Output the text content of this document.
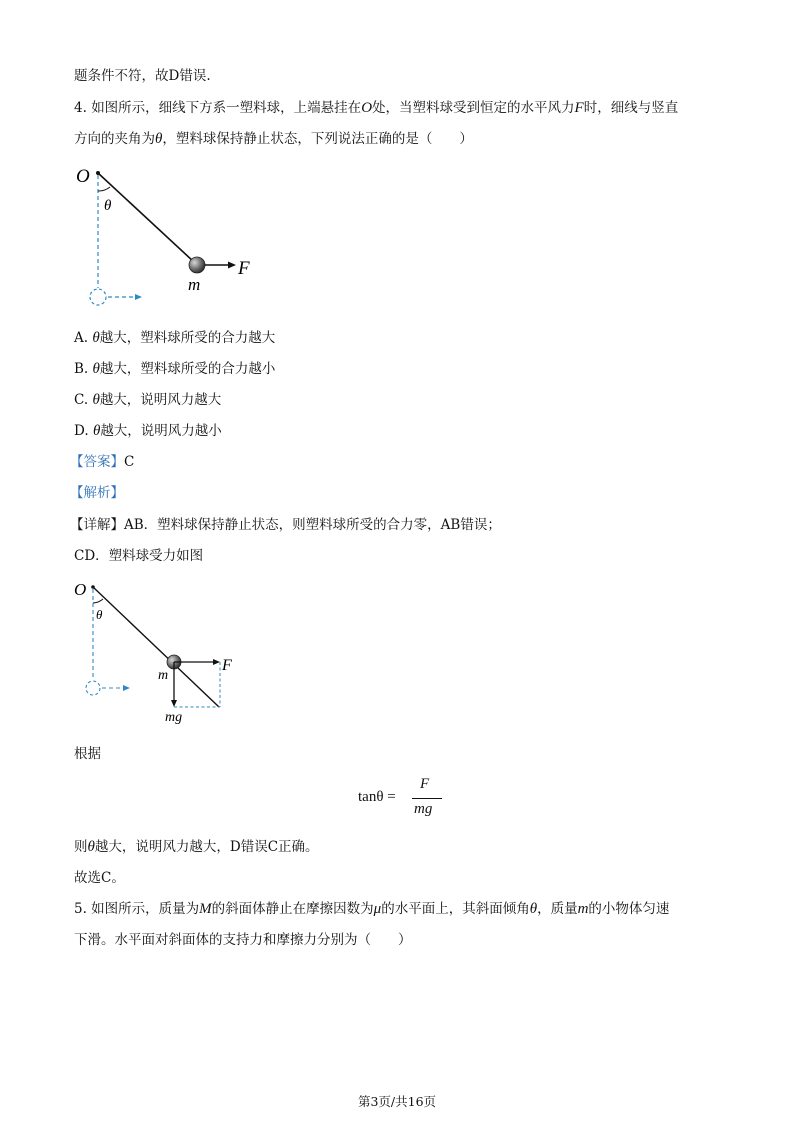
题条件不符，故D错误.
4. 如图所示，细线下方系一塑料球，上端悬挂在O处，当塑料球受到恒定的水平风力F时，细线与竖直
方向的夹角为θ，塑料球保持静止状态，下列说法正确的是（　　）
O
θ
F
m
A. θ越大，塑料球所受的合力越大
B. θ越大，塑料球所受的合力越小
C. θ越大，说明风力越大
D. θ越大，说明风力越小
【答案】C
【解析】
【详解】AB．塑料球保持静止状态，则塑料球所受的合力零，AB错误；
CD．塑料球受力如图
O
θ
F
m
mg
根据
tanθ =
F
mg
则θ越大，说明风力越大，D错误C正确。
故选C。
5. 如图所示，质量为M的斜面体静止在摩擦因数为μ的水平面上，其斜面倾角θ，质量m的小物体匀速
下滑。水平面对斜面体的支持力和摩擦力分别为（　　）
第3页/共16页
